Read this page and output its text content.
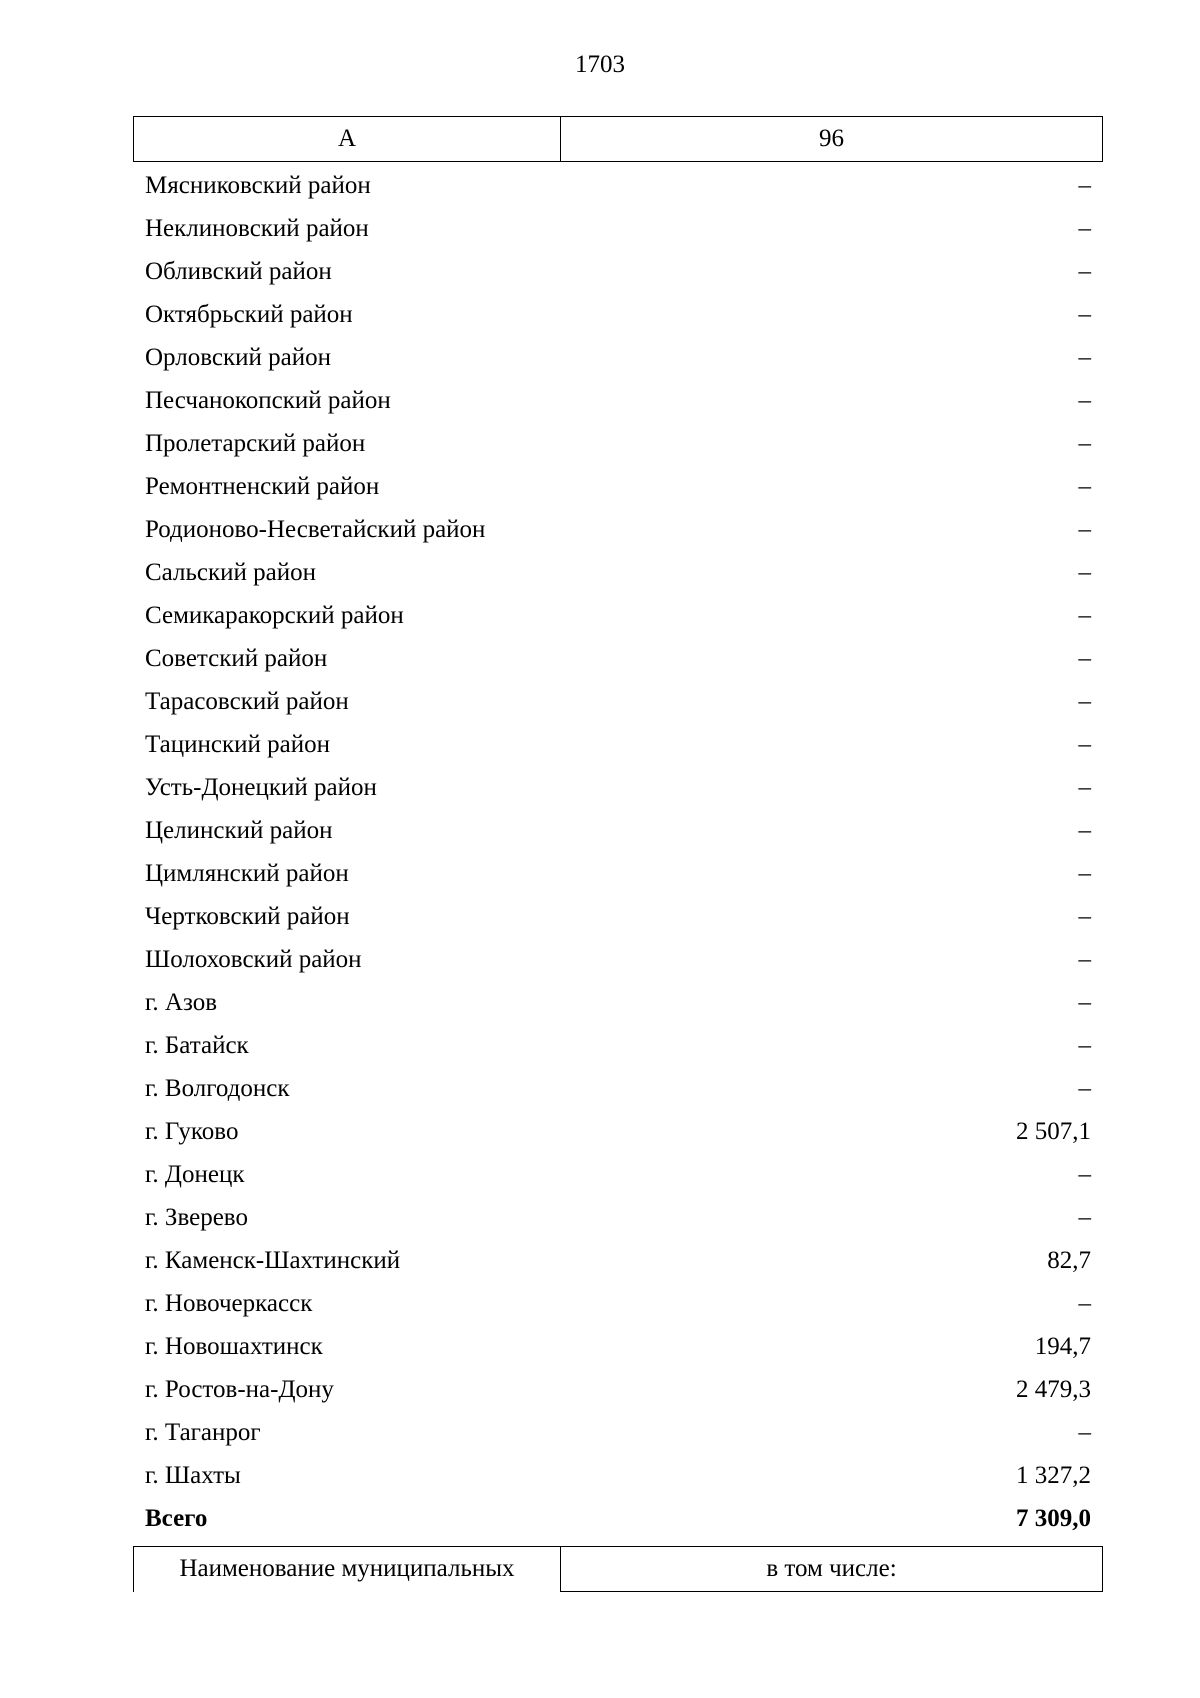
1703
А	96
Мясниковский район	–
Неклиновский район	–
Обливский район	–
Октябрьский район	–
Орловский район	–
Песчанокопский район	–
Пролетарский район	–
Ремонтненский район	–
Родионово-Несветайский район	–
Сальский район	–
Семикаракорский район	–
Советский район	–
Тарасовский район	–
Тацинский район	–
Усть-Донецкий район	–
Целинский район	–
Цимлянский район	–
Чертковский район	–
Шолоховский район	–
г. Азов	–
г. Батайск	–
г. Волгодонск	–
г. Гуково	2 507,1
г. Донецк	–
г. Зверево	–
г. Каменск-Шахтинский	82,7
г. Новочеркасск	–
г. Новошахтинск	194,7
г. Ростов-на-Дону	2 479,3
г. Таганрог	–
г. Шахты	1 327,2
Всего	7 309,0
Наименование муниципальных	в том числе:
